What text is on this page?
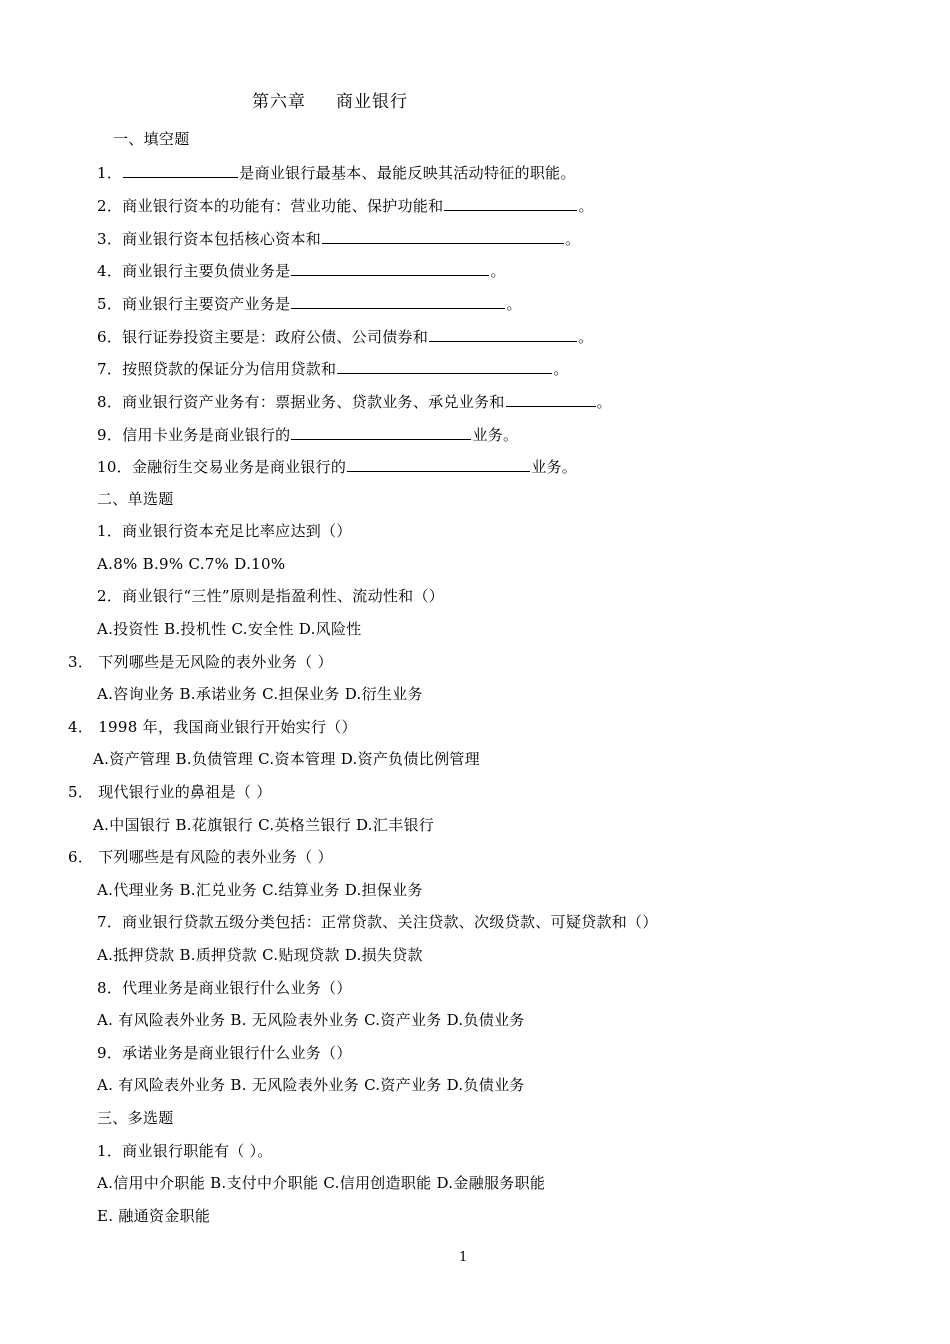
第六章 商业银行
一、填空题
1．	是商业银行最基本、最能反映其活动特征的职能。
2．商业银行资本的功能有：营业功能、保护功能和	。
3．商业银行资本包括核心资本和	。
4．商业银行主要负债业务是	。
5．商业银行主要资产业务是	。
6．银行证券投资主要是：政府公债、公司债券和	。
7．按照贷款的保证分为信用贷款和	。
8．商业银行资产业务有：票据业务、贷款业务、承兑业务和	。
9．信用卡业务是商业银行的	业务。
10．金融衍生交易业务是商业银行的	业务。
二、单选题
1．商业银行资本充足比率应达到（）
A.8% B.9% C.7% D.10%
2．商业银行“三性”原则是指盈利性、流动性和（）
A.投资性 B.投机性 C.安全性 D.风险性
3． 下列哪些是无风险的表外业务（ ）
A.咨询业务 B.承诺业务 C.担保业务 D.衍生业务
4． 1998 年，我国商业银行开始实行（）
A.资产管理 B.负债管理 C.资本管理 D.资产负债比例管理
5． 现代银行业的鼻祖是（ ）
A.中国银行 B.花旗银行 C.英格兰银行 D.汇丰银行
6． 下列哪些是有风险的表外业务（ ）
A.代理业务 B.汇兑业务 C.结算业务 D.担保业务
7．商业银行贷款五级分类包括：正常贷款、关注贷款、次级贷款、可疑贷款和（）
A.抵押贷款 B.质押贷款 C.贴现贷款 D.损失贷款
8．代理业务是商业银行什么业务（）
A. 有风险表外业务 B. 无风险表外业务 C.资产业务 D.负债业务
9．承诺业务是商业银行什么业务（）
A. 有风险表外业务 B. 无风险表外业务 C.资产业务 D.负债业务
三、多选题
1．商业银行职能有（ ）。
A.信用中介职能 B.支付中介职能 C.信用创造职能 D.金融服务职能
E. 融通资金职能
1
